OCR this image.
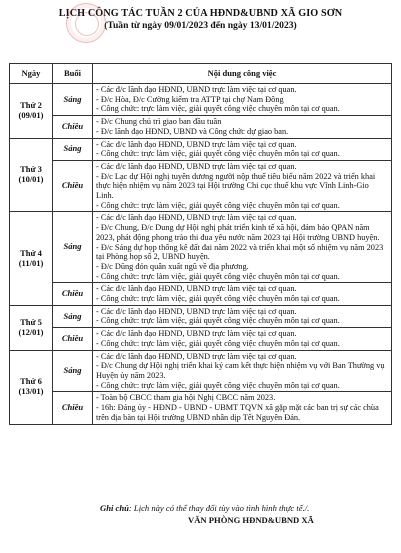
LỊCH CÔNG TÁC TUẦN 2 CỦA HĐND&UBND XÃ GIO SƠN
(Tuần từ ngày 09/01/2023 đến ngày 13/01/2023)
Ngày	Buổi	Nội dung công việc

Thứ 2
(09/01)	Sáng	- Các đ/c lãnh đạo HĐND, UBND trực làm việc tại cơ quan.
- Đ/c Hòa, Đ/c Cường kiểm tra ATTP tại chợ Nam Đông
- Công chức: trực làm việc, giải quyết công việc chuyên môn tại cơ quan.

	Chiều	- Đ/c Chung chủ trì giao ban đầu tuần
- Đ/c lãnh đạo HĐND, UBND và Công chức dự giao ban.

Thứ 3
(10/01)	Sáng	- Các đ/c lãnh đạo HĐND, UBND trực làm việc tại cơ quan.
- Công chức: trực làm việc, giải quyết công việc chuyên môn tại cơ quan.

	Chiều	- Các đ/c lãnh đạo HĐND, UBND trực làm việc tại cơ quan.
- Đ/c Lạc dự Hội nghị tuyên dương người nộp thuế tiêu biểu năm 2022 và triển khai thực hiện nhiệm vụ năm 2023 tại Hội trường Chi cục thuế khu vực Vĩnh Linh-Gio Linh.
- Công chức: trực làm việc, giải quyết công việc chuyên môn tại cơ quan.

Thứ 4
(11/01)	Sáng	- Các đ/c lãnh đạo HĐND, UBND trực làm việc tại cơ quan.
- Đ/c Chung, Đ/c Dung dự Hội nghị phát triển kinh tế xã hội, đảm bảo QPAN năm 2023, phát động phong trào thi đua yêu nước năm 2023 tại Hội trường UBND huyện.
- Đ/c Sáng dự họp thống kê đất đai năm 2022 và triển khai một số nhiệm vụ năm 2023 tại Phòng họp số 2, UBND huyện.
- Đ/c Dũng đón quân xuất ngũ về địa phương.
- Công chức: trực làm việc, giải quyết công việc chuyên môn tại cơ quan.

	Chiều	- Các đ/c lãnh đạo HĐND, UBND trực làm việc tại cơ quan.
- Công chức: trực làm việc, giải quyết công việc chuyên môn tại cơ quan.

Thứ 5
(12/01)	Sáng	- Các đ/c lãnh đạo HĐND, UBND trực làm việc tại cơ quan.
- Công chức: trực làm việc, giải quyết công việc chuyên môn tại cơ quan.

	Chiều	- Các đ/c lãnh đạo HĐND, UBND trực làm việc tại cơ quan.
- Công chức: trực làm việc, giải quyết công việc chuyên môn tại cơ quan.

Thứ 6
(13/01)	Sáng	- Các đ/c lãnh đạo HĐND, UBND trực làm việc tại cơ quan.
- Đ/c Chung dự Hội nghị triển khai ký cam kết thực hiện nhiệm vụ với Ban Thường vụ Huyện ủy năm 2023.
- Công chức: trực làm việc, giải quyết công việc chuyên môn tại cơ quan.

	Chiều	- Toàn bộ CBCC tham gia hội Nghị CBCC năm 2023.
- 16h: Đảng ủy - HĐND - UBND - UBMT TQVN xã gặp mặt các ban trị sự các chùa trên địa bàn tại Hội trường UBND nhân dịp Tết Nguyên Đán.
Ghi chú: Lịch này có thể thay đổi tùy vào tình hình thực tế./.
VĂN PHÒNG HĐND&UBND XÃ
